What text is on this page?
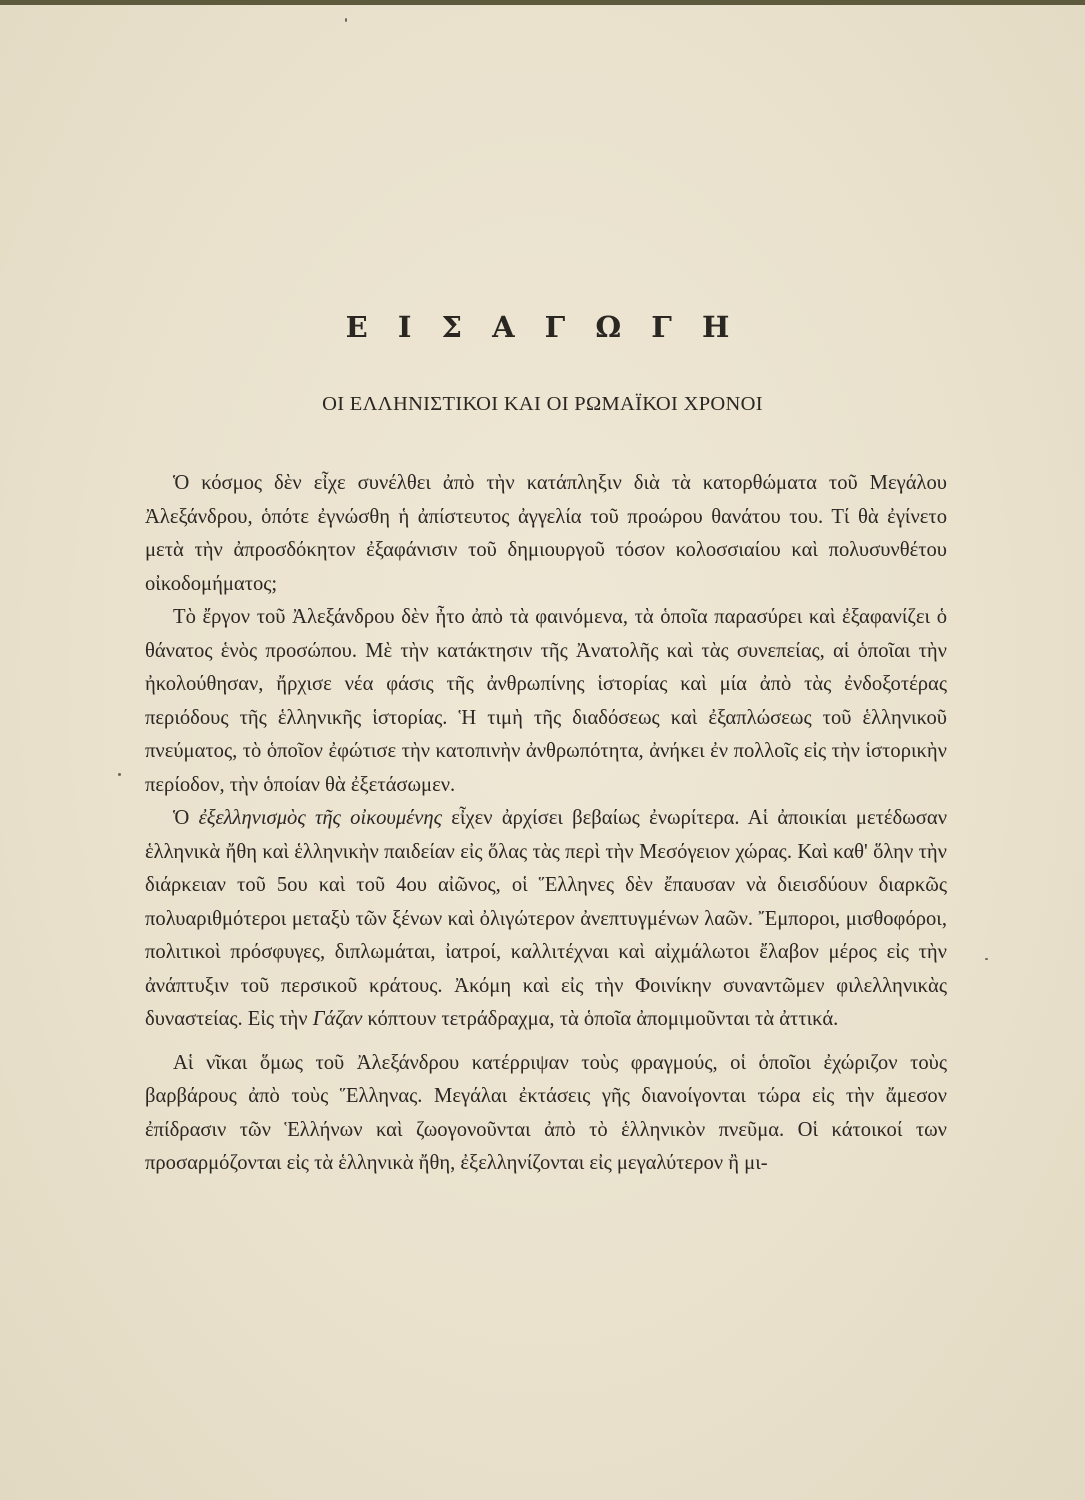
Ε Ι Σ Α Γ Ω Γ Η
ΟΙ ΕΛΛΗΝΙΣΤΙΚΟΙ ΚΑΙ ΟΙ ΡΩΜΑΪΚΟΙ ΧΡΟΝΟΙ

Ὁ κόσμος δὲν εἶχε συνέλθει ἀπὸ τὴν κατάπληξιν διὰ τὰ κατορθώματα τοῦ Μεγάλου Ἀλεξάνδρου, ὁπότε ἐγνώσθη ἡ ἀπίστευτος ἀγγελία τοῦ προώρου θανάτου του. Τί θὰ ἐγίνετο μετὰ τὴν ἀπροσδόκητον ἐξαφάνισιν τοῦ δημιουργοῦ τόσον κολοσσιαίου καὶ πολυσυνθέτου οἰκοδομήματος;

Τὸ ἔργον τοῦ Ἀλεξάνδρου δὲν ἦτο ἀπὸ τὰ φαινόμενα, τὰ ὁποῖα παρασύρει καὶ ἐξαφανίζει ὁ θάνατος ἑνὸς προσώπου. Μὲ τὴν κατάκτησιν τῆς Ἀνατολῆς καὶ τὰς συνεπείας, αἱ ὁποῖαι τὴν ἠκολούθησαν, ἤρχισε νέα φάσις τῆς ἀνθρωπίνης ἱστορίας καὶ μία ἀπὸ τὰς ἐνδοξοτέρας περιόδους τῆς ἑλληνικῆς ἱστορίας. Ἡ τιμὴ τῆς διαδόσεως καὶ ἐξαπλώσεως τοῦ ἑλληνικοῦ πνεύματος, τὸ ὁποῖον ἐφώτισε τὴν κατοπινὴν ἀνθρωπότητα, ἀνήκει ἐν πολλοῖς εἰς τὴν ἱστορικὴν περίοδον, τὴν ὁποίαν θὰ ἐξετάσωμεν.

Ὁ ἐξελληνισμὸς τῆς οἰκουμένης εἶχεν ἀρχίσει βεβαίως ἐνωρίτερα. Αἱ ἀποικίαι μετέδωσαν ἑλληνικὰ ἤθη καὶ ἑλληνικὴν παιδείαν εἰς ὅλας τὰς περὶ τὴν Μεσόγειον χώρας. Καὶ καθ' ὅλην τὴν διάρκειαν τοῦ 5ου καὶ τοῦ 4ου αἰῶνος, οἱ Ἕλληνες δὲν ἔπαυσαν νὰ διεισδύουν διαρκῶς πολυαριθμότεροι μεταξὺ τῶν ξένων καὶ ὀλιγώτερον ἀνεπτυγμένων λαῶν. Ἔμποροι, μισθοφόροι, πολιτικοὶ πρόσφυγες, διπλωμάται, ἰατροί, καλλιτέχναι καὶ αἰχμάλωτοι ἔλαβον μέρος εἰς τὴν ἀνάπτυξιν τοῦ περσικοῦ κράτους. Ἀκόμη καὶ εἰς τὴν Φοινίκην συναντῶμεν φιλελληνικὰς δυναστείας. Εἰς τὴν Γάζαν κόπτουν τετράδραχμα, τὰ ὁποῖα ἀπομιμοῦνται τὰ ἀττικά.

Αἱ νῖκαι ὅμως τοῦ Ἀλεξάνδρου κατέρριψαν τοὺς φραγμούς, οἱ ὁποῖοι ἐχώριζον τοὺς βαρβάρους ἀπὸ τοὺς Ἕλληνας. Μεγάλαι ἐκτάσεις γῆς διανοίγονται τώρα εἰς τὴν ἄμεσον ἐπίδρασιν τῶν Ἑλλήνων καὶ ζωογονοῦνται ἀπὸ τὸ ἑλληνικὸν πνεῦμα. Οἱ κάτοικοί των προσαρμόζονται εἰς τὰ ἑλληνικὰ ἤθη, ἐξελληνίζονται εἰς μεγαλύτερον ἢ μι-
